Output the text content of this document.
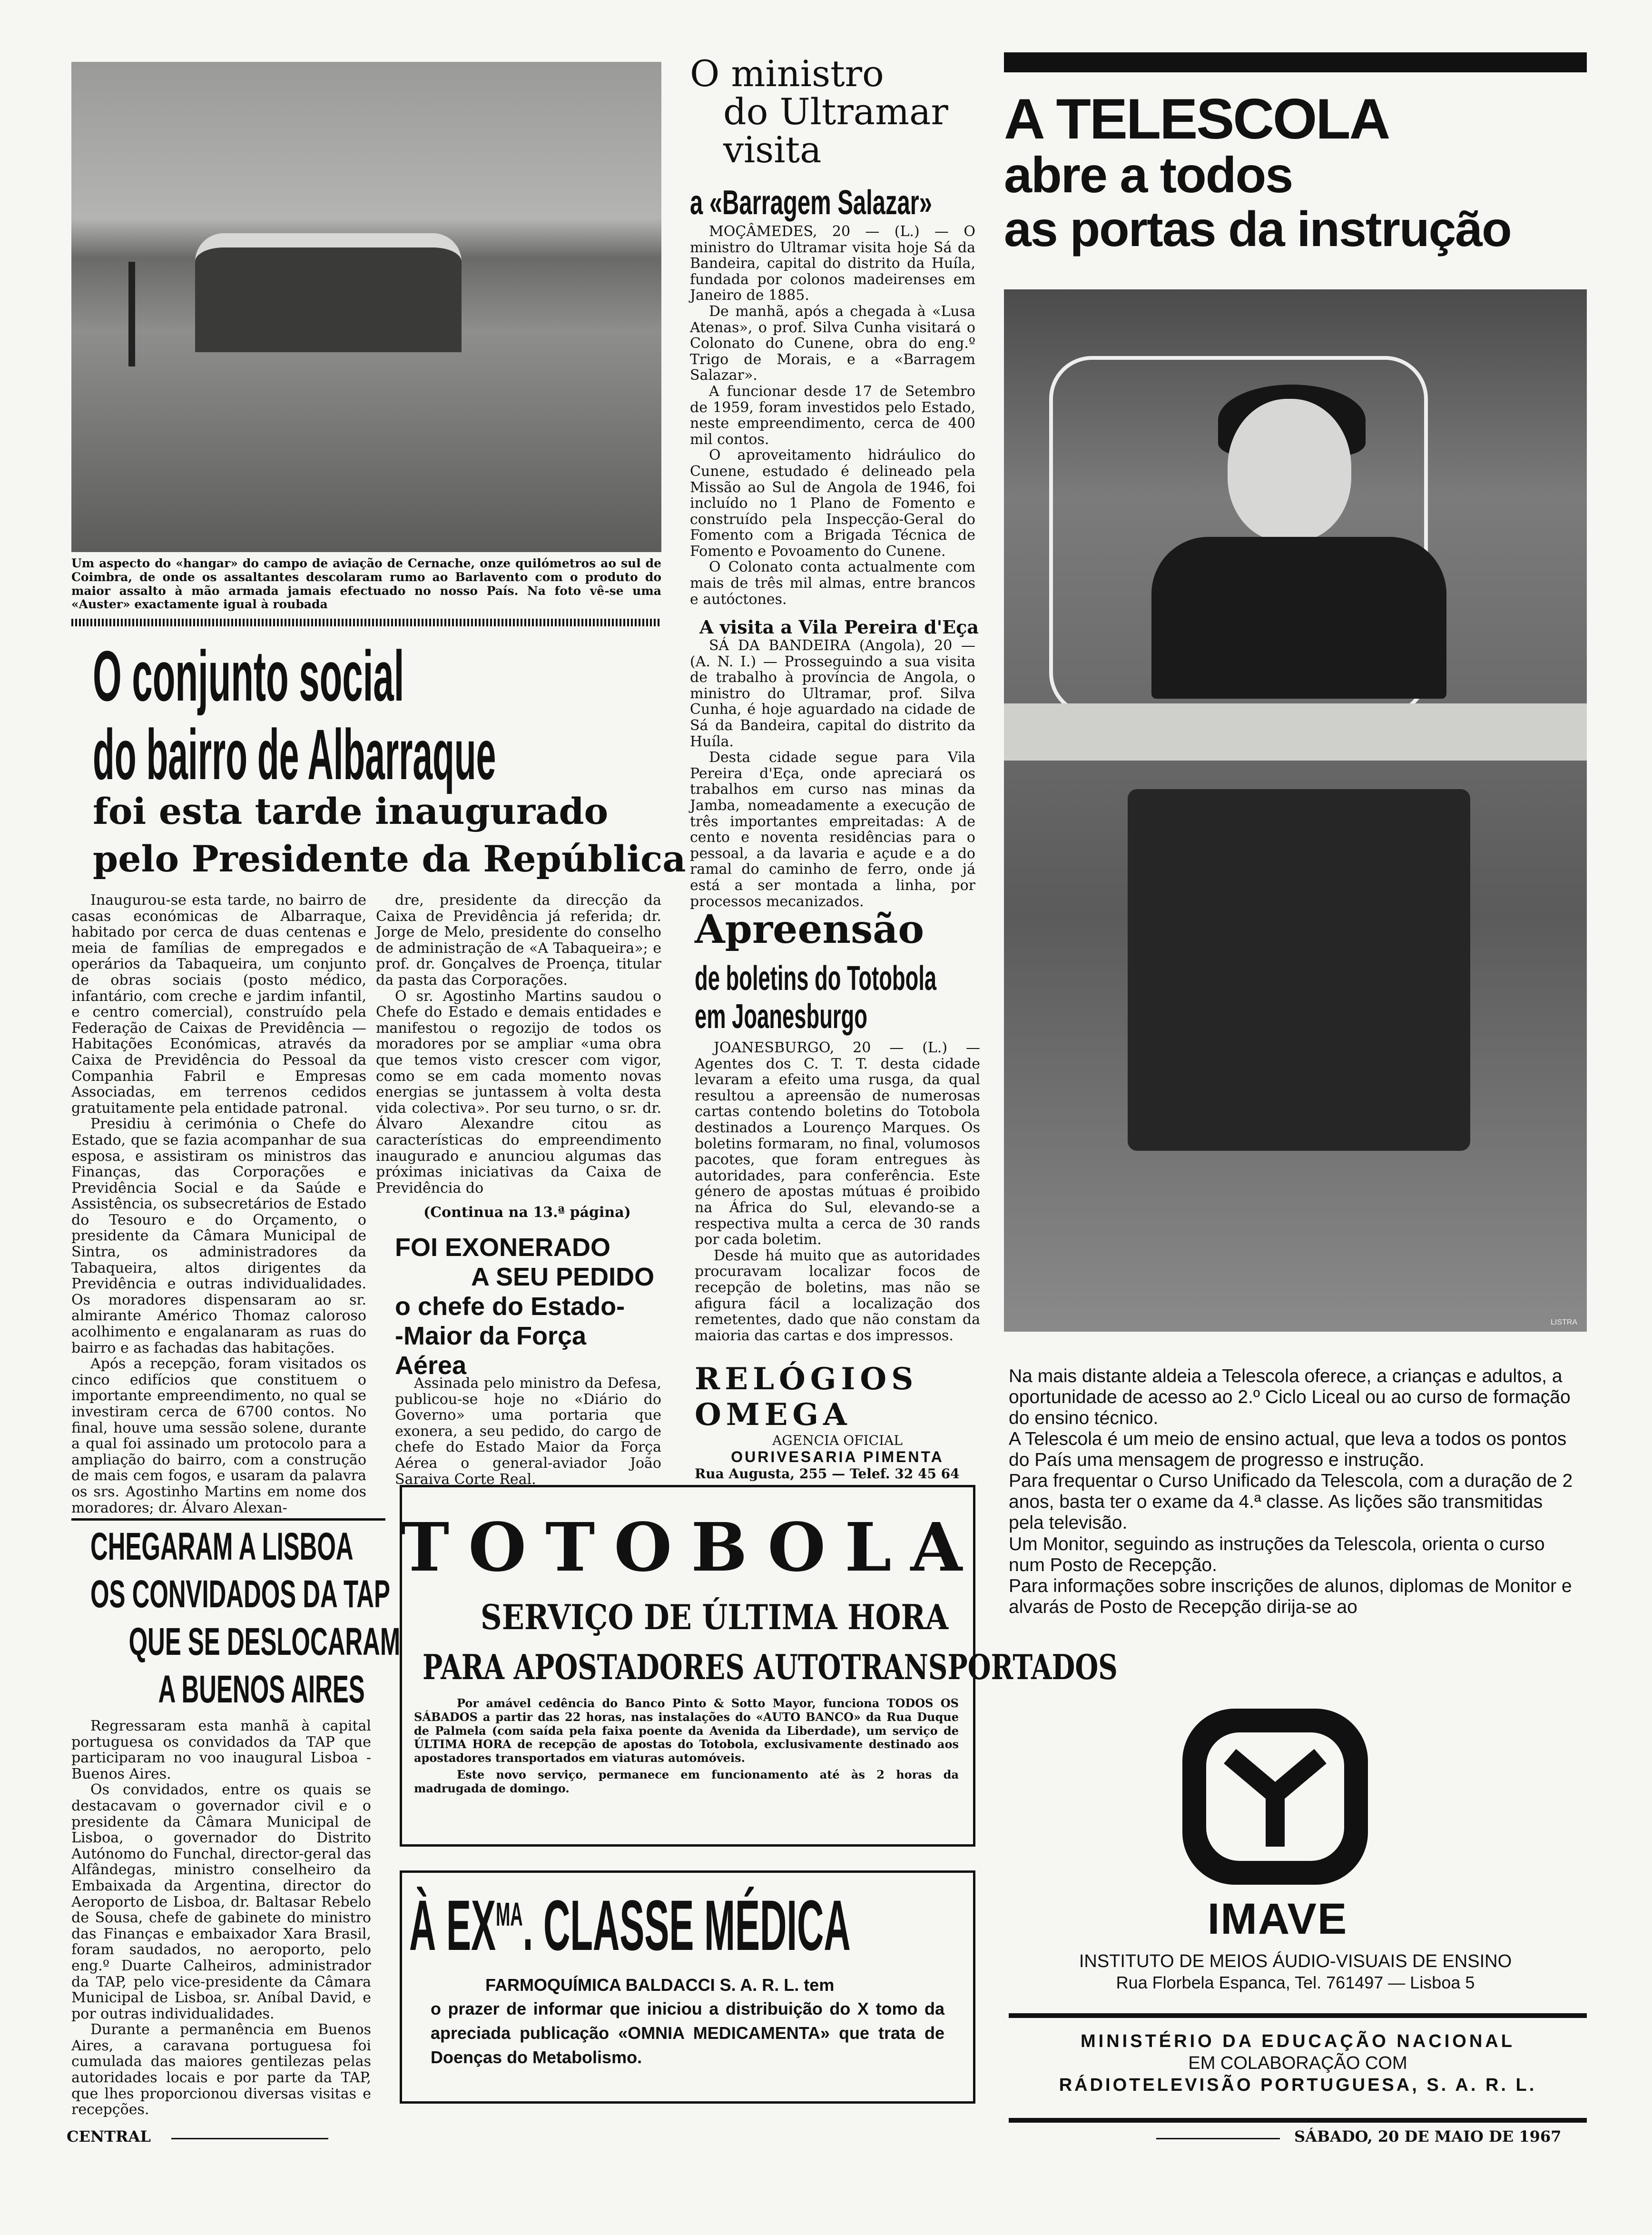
Um aspecto do «hangar» do campo de aviação de Cernache, onze quilómetros ao sul de Coimbra, de onde os assaltantes descolaram rumo ao Barlavento com o produto do maior assalto à mão armada jamais efectuado no nosso País. Na foto vê-se uma «Auster» exactamente igual à roubada
O conjunto social
do bairro de Albarraque
foi esta tarde inaugurado
pelo Presidente da República

Inaugurou-se esta tarde, no bairro de casas económicas de Albarraque, habitado por cerca de duas centenas e meia de famílias de empregados e operários da Tabaqueira, um conjunto de obras sociais (posto médico, infantário, com creche e jardim infantil, e centro comercial), construído pela Federação de Caixas de Previdência — Habitações Económicas, através da Caixa de Previdência do Pessoal da Companhia Fabril e Empresas Associadas, em terrenos cedidos gratuitamente pela entidade patronal.

Presidiu à cerimónia o Chefe do Estado, que se fazia acompanhar de sua esposa, e assistiram os ministros das Finanças, das Corporações e Previdência Social e da Saúde e Assistência, os subsecretários de Estado do Tesouro e do Orçamento, o presidente da Câmara Municipal de Sintra, os administradores da Tabaqueira, altos dirigentes da Previdência e outras individualidades. Os moradores dispensaram ao sr. almirante Américo Thomaz caloroso acolhimento e engalanaram as ruas do bairro e as fachadas das habitações.

Após a recepção, foram visitados os cinco edifícios que constituem o importante empreendimento, no qual se investiram cerca de 6700 contos. No final, houve uma sessão solene, durante a qual foi assinado um protocolo para a ampliação do bairro, com a construção de mais cem fogos, e usaram da palavra os srs. Agostinho Martins em nome dos moradores; dr. Álvaro Alexan-

dre, presidente da direcção da Caixa de Previdência já referida; dr. Jorge de Melo, presidente do conselho de administração de «A Tabaqueira»; e prof. dr. Gonçalves de Proença, titular da pasta das Corporações.

O sr. Agostinho Martins saudou o Chefe do Estado e demais entidades e manifestou o regozijo de todos os moradores por se ampliar «uma obra que temos visto crescer com vigor, como se em cada momento novas energias se juntassem à volta desta vida colectiva». Por seu turno, o sr. dr. Álvaro Alexandre citou as características do empreendimento inaugurado e anunciou algumas das próximas iniciativas da Caixa de Previdência do

(Continua na 13.ª página)
FOI EXONERADO
A SEU PEDIDO
o chefe do Estado-
-Maior da Força Aérea

Assinada pelo ministro da Defesa, publicou-se hoje no «Diário do Governo» uma portaria que exonera, a seu pedido, do cargo de chefe do Estado Maior da Força Aérea o general-aviador João Saraiva Corte Real.

CHEGARAM A LISBOA
OS CONVIDADOS DA TAP
QUE SE DESLOCARAM
A BUENOS AIRES

Regressaram esta manhã à capital portuguesa os convidados da TAP que participaram no voo inaugural Lisboa - Buenos Aires.

Os convidados, entre os quais se destacavam o governador civil e o presidente da Câmara Municipal de Lisboa, o governador do Distrito Autónomo do Funchal, director-geral das Alfândegas, ministro conselheiro da Embaixada da Argentina, director do Aeroporto de Lisboa, dr. Baltasar Rebelo de Sousa, chefe de gabinete do ministro das Finanças e embaixador Xara Brasil, foram saudados, no aeroporto, pelo eng.º Duarte Calheiros, administrador da TAP, pelo vice-presidente da Câmara Municipal de Lisboa, sr. Aníbal David, e por outras individualidades.

Durante a permanência em Buenos Aires, a caravana portuguesa foi cumulada das maiores gentilezas pelas autoridades locais e por parte da TAP, que lhes proporcionou diversas visitas e recepções.

O ministro
do Ultramar
visita
a «Barragem Salazar»

MOÇÂMEDES, 20 — (L.) — O ministro do Ultramar visita hoje Sá da Bandeira, capital do distrito da Huíla, fundada por colonos madeirenses em Janeiro de 1885.

De manhã, após a chegada à «Lusa Atenas», o prof. Silva Cunha visitará o Colonato do Cunene, obra do eng.º Trigo de Morais, e a «Barragem Salazar».

A funcionar desde 17 de Setembro de 1959, foram investidos pelo Estado, neste empreendimento, cerca de 400 mil contos.

O aproveitamento hidráulico do Cunene, estudado é delineado pela Missão ao Sul de Angola de 1946, foi incluído no 1 Plano de Fomento e construído pela Inspecção-Geral do Fomento com a Brigada Técnica de Fomento e Povoamento do Cunene.

O Colonato conta actualmente com mais de três mil almas, entre brancos e autóctones.

A visita a Vila Pereira d'Eça

SÁ DA BANDEIRA (Angola), 20 — (A. N. I.) — Prosseguindo a sua visita de trabalho à província de Angola, o ministro do Ultramar, prof. Silva Cunha, é hoje aguardado na cidade de Sá da Bandeira, capital do distrito da Huíla.

Desta cidade segue para Vila Pereira d'Eça, onde apreciará os trabalhos em curso nas minas da Jamba, nomeadamente a execução de três importantes empreitadas: A de cento e noventa residências para o pessoal, a da lavaria e açude e a do ramal do caminho de ferro, onde já está a ser montada a linha, por processos mecanizados.

Apreensão
de boletins do Totobola
em Joanesburgo

JOANESBURGO, 20 — (L.) — Agentes dos C. T. T. desta cidade levaram a efeito uma rusga, da qual resultou a apreensão de numerosas cartas contendo boletins do Totobola destinados a Lourenço Marques. Os boletins formaram, no final, volumosos pacotes, que foram entregues às autoridades, para conferência. Este género de apostas mútuas é proibido na África do Sul, elevando-se a respectiva multa a cerca de 30 rands por cada boletim.

Desde há muito que as autoridades procuravam localizar focos de recepção de boletins, mas não se afigura fácil a localização dos remetentes, dado que não constam da maioria das cartas e dos impressos.

RELÓGIOS OMEGA
AGENCIA OFICIAL
OURIVESARIA PIMENTA
Rua Augusta, 255 — Telef. 32 45 64
TOTOBOLA
SERVIÇO DE ÚLTIMA HORA
PARA APOSTADORES AUTOTRANSPORTADOS

Por amável cedência do Banco Pinto & Sotto Mayor, funciona TODOS OS SÁBADOS a partir das 22 horas, nas instalações do «AUTO BANCO» da Rua Duque de Palmela (com saída pela faixa poente da Avenida da Liberdade), um serviço de ÚLTIMA HORA de recepção de apostas do Totobola, exclusivamente destinado aos apostadores transportados em viaturas automóveis.

Este novo serviço, permanece em funcionamento até às 2 horas da madrugada de domingo.

À $EX^{MA}$. CLASSE MÉDICA
FARMOQUÍMICA BALDACCI S. A. R. L. tem
o prazer de informar que iniciou a distribuição do X tomo da apreciada publicação «OMNIA MEDICAMENTA» que trata de Doenças do Metabolismo.
A TELESCOLA
abre a todos
as portas da instrução
LISTRA
Na mais distante aldeia a Telescola oferece, a crianças e adultos, a oportunidade de acesso ao 2.º Ciclo Liceal ou ao curso de formação do ensino técnico.
A Telescola é um meio de ensino actual, que leva a todos os pontos do País uma mensagem de progresso e instrução.
Para frequentar o Curso Unificado da Telescola, com a duração de 2 anos, basta ter o exame da 4.ª classe. As lições são transmitidas pela televisão.
Um Monitor, seguindo as instruções da Telescola, orienta o curso num Posto de Recepção.
Para informações sobre inscrições de alunos, diplomas de Monitor e alvarás de Posto de Recepção dirija-se ao
IMAVE
INSTITUTO DE MEIOS ÁUDIO-VISUAIS DE ENSINO
Rua Florbela Espanca, Tel. 761497 — Lisboa 5
MINISTÉRIO DA EDUCAÇÃO NACIONAL
EM COLABORAÇÃO COM
RÁDIOTELEVISÃO PORTUGUESA, S. A. R. L.
CENTRAL	SÁBADO, 20 DE MAIO DE 1967
